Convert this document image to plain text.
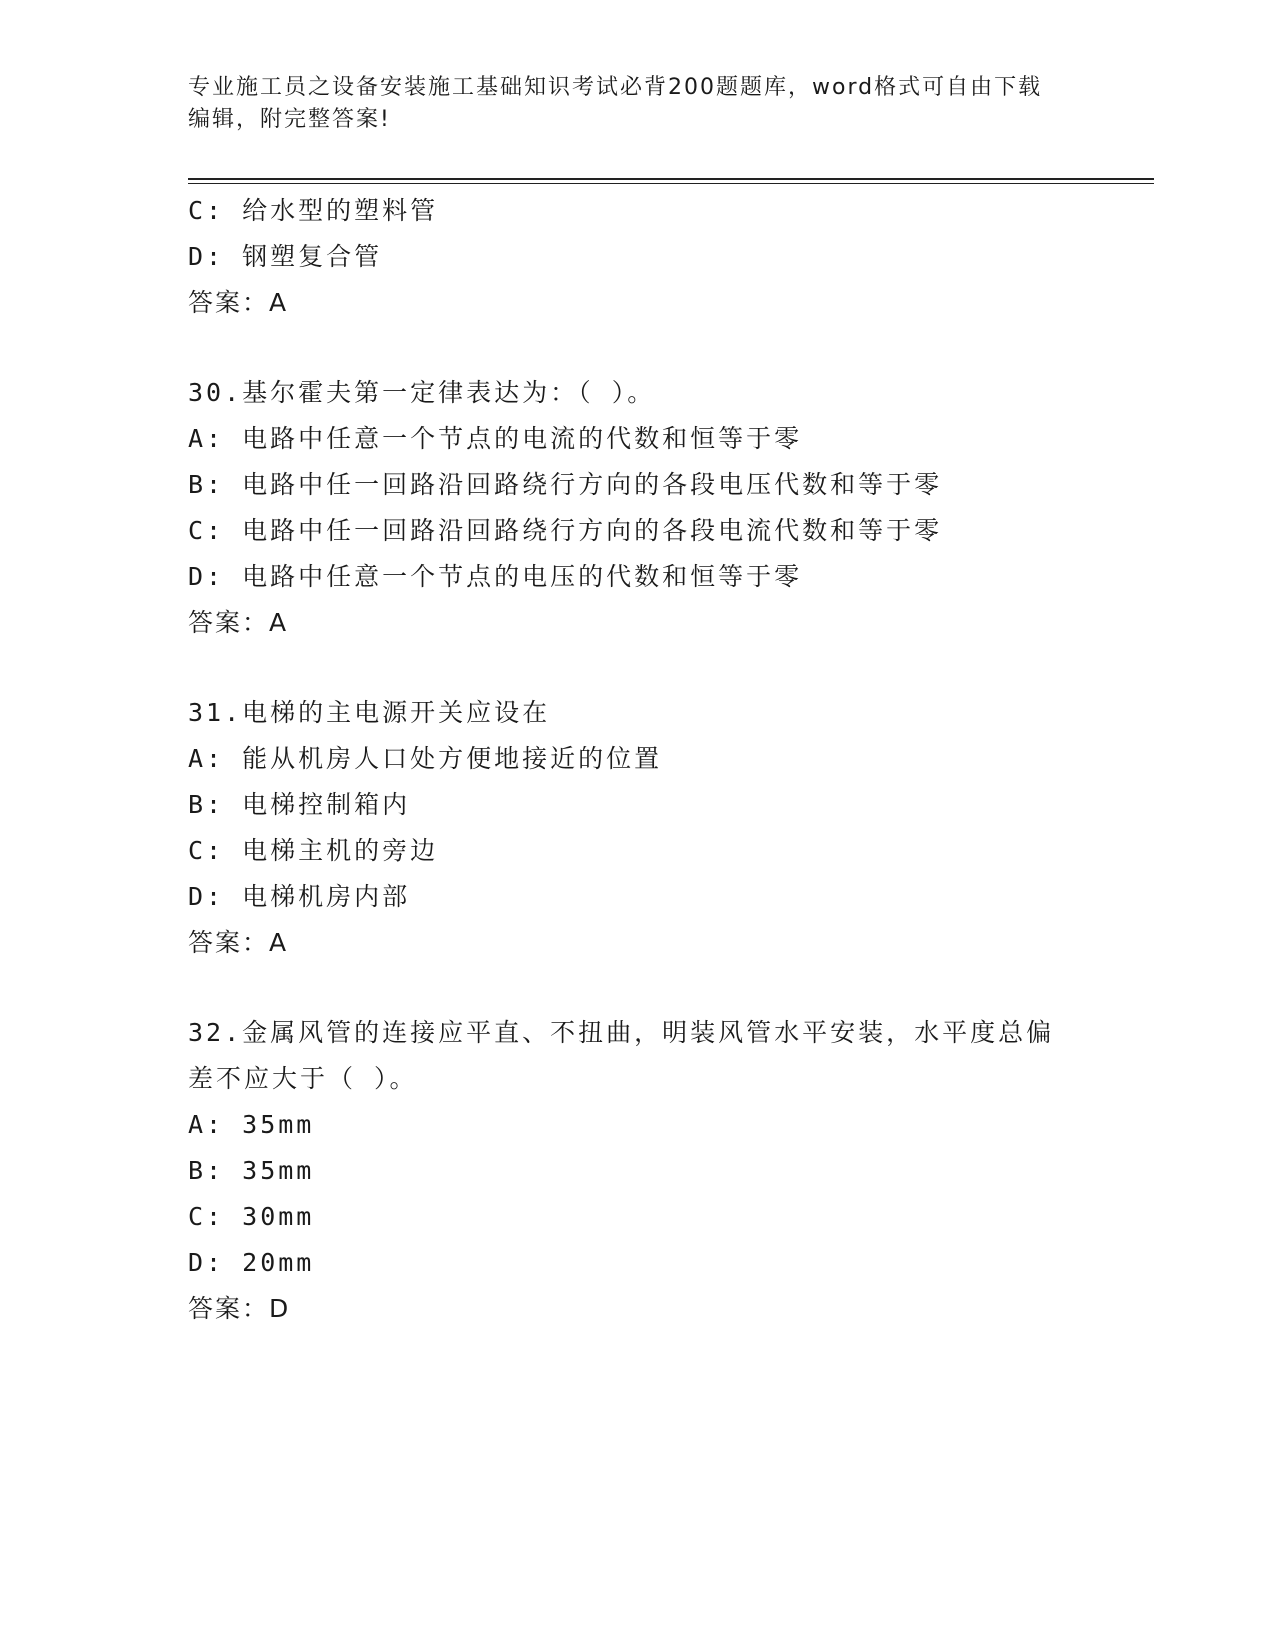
专业施工员之设备安装施工基础知识考试必背200题题库，word格式可自由下载
编辑，附完整答案!
C: 给水型的塑料管
D: 钢塑复合管
答案：A
30.基尔霍夫第一定律表达为：（ ）。
A: 电路中任意一个节点的电流的代数和恒等于零
B: 电路中任一回路沿回路绕行方向的各段电压代数和等于零
C: 电路中任一回路沿回路绕行方向的各段电流代数和等于零
D: 电路中任意一个节点的电压的代数和恒等于零
答案：A
31.电梯的主电源开关应设在
A: 能从机房人口处方便地接近的位置
B: 电梯控制箱内
C: 电梯主机的旁边
D: 电梯机房内部
答案：A
32.金属风管的连接应平直、不扭曲，明装风管水平安装，水平度总偏
差不应大于（ ）。
A: 35mm
B: 35mm
C: 30mm
D: 20mm
答案：D
